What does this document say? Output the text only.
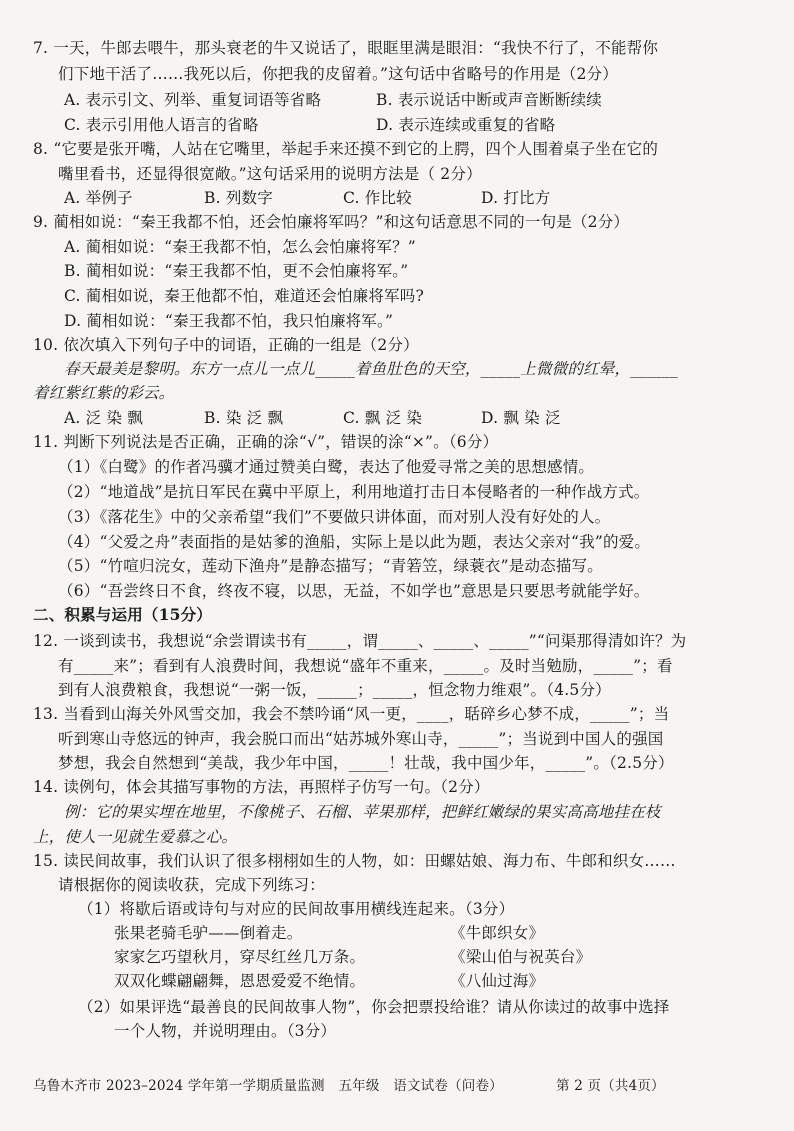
7. 一天，牛郎去喂牛，那头衰老的牛又说话了，眼眶里满是眼泪：“我快不行了，不能帮你
们下地干活了……我死以后，你把我的皮留着。”这句话中省略号的作用是（2分）
A. 表示引文、列举、重复词语等省略	B. 表示说话中断或声音断断续续
C. 表示引用他人语言的省略	D. 表示连续或重复的省略
8. “它要是张开嘴，人站在它嘴里，举起手来还摸不到它的上腭，四个人围着桌子坐在它的
嘴里看书，还显得很宽敞。”这句话采用的说明方法是（ 2分）
A. 举例子	B. 列数字	C. 作比较	D. 打比方
9. 蔺相如说：“秦王我都不怕，还会怕廉将军吗？”和这句话意思不同的一句是（2分）
A. 蔺相如说：“秦王我都不怕，怎么会怕廉将军？”
B. 蔺相如说：“秦王我都不怕，更不会怕廉将军。”
C. 蔺相如说，秦王他都不怕，难道还会怕廉将军吗?
D. 蔺相如说：“秦王我都不怕，我只怕廉将军。”
10. 依次填入下列句子中的词语，正确的一组是（2分）
春天最美是黎明。东方一点儿一点儿_____着鱼肚色的天空，_____上微微的红晕，______
着红紫红紫的彩云。
A. 泛 染 飘	B. 染 泛 飘	C. 飘 泛 染	D. 飘 染 泛
11. 判断下列说法是否正确，正确的涂“√”，错误的涂“×”。（6分）
（1）《白鹭》的作者冯骥才通过赞美白鹭，表达了他爱寻常之美的思想感情。
（2）“地道战”是抗日军民在冀中平原上，利用地道打击日本侵略者的一种作战方式。
（3）《落花生》中的父亲希望“我们”不要做只讲体面，而对别人没有好处的人。
（4）“父爱之舟”表面指的是姑爹的渔船，实际上是以此为题，表达父亲对“我”的爱。
（5）“竹喧归浣女，莲动下渔舟”是静态描写；“青箬笠，绿蓑衣”是动态描写。
（6）“吾尝终日不食，终夜不寝，以思，无益，不如学也”意思是只要思考就能学好。
二、积累与运用（15分）
12. 一谈到读书，我想说“余尝谓读书有_____，谓_____、_____、_____”“问渠那得清如许？为
有_____来”；看到有人浪费时间，我想说“盛年不重来，_____。及时当勉励，_____”；看
到有人浪费粮食，我想说“一粥一饭，_____；_____，恒念物力维艰”。（4.5分）
13. 当看到山海关外风雪交加，我会不禁吟诵“风一更，____，聒碎乡心梦不成，_____”；当
听到寒山寺悠远的钟声，我会脱口而出“姑苏城外寒山寺，_____”；当说到中国人的强国
梦想，我会自然想到“美哉，我少年中国，_____！壮哉，我中国少年，_____”。（2.5分）
14. 读例句，体会其描写事物的方法，再照样子仿写一句。（2分）
例：它的果实埋在地里，不像桃子、石榴、苹果那样，把鲜红嫩绿的果实高高地挂在枝
上，使人一见就生爱慕之心。
15. 读民间故事，我们认识了很多栩栩如生的人物，如：田螺姑娘、海力布、牛郎和织女……
请根据你的阅读收获，完成下列练习：
（1）将歇后语或诗句与对应的民间故事用横线连起来。（3分）
张果老骑毛驴——倒着走。
家家乞巧望秋月，穿尽红丝几万条。
双双化蝶翩翩舞，恩恩爱爱不绝情。
《牛郎织女》
《梁山伯与祝英台》
《八仙过海》
（2）如果评选“最善良的民间故事人物”，你会把票投给谁？请从你读过的故事中选择
一个人物，并说明理由。（3分）
乌鲁木齐市 2023–2024 学年第一学期质量监测　五年级　语文试卷（问卷）	第 2 页（共4页）
